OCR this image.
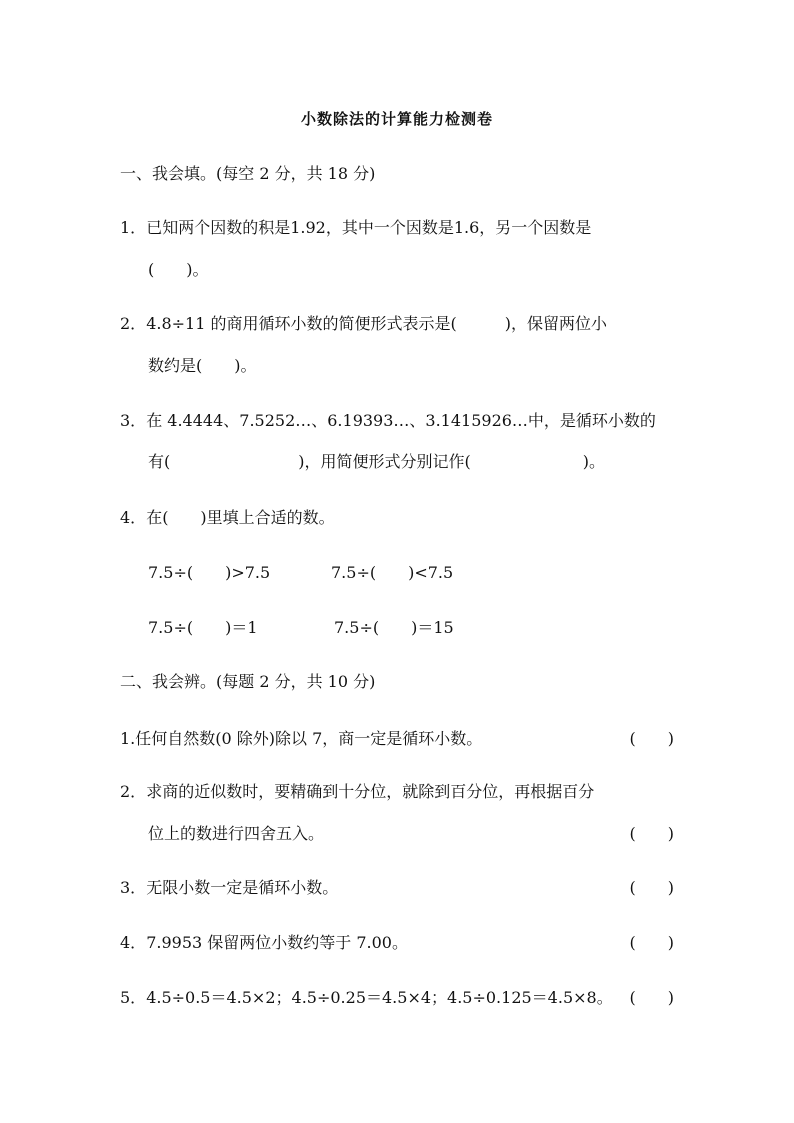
小数除法的计算能力检测卷
一、我会填。(每空 2 分，共 18 分)
1．已知两个因数的积是1.92，其中一个因数是1.6，另一个因数是
(　　)。
2．4.8÷11 的商用循环小数的简便形式表示是(　　　)，保留两位小
数约是(　　)。
3．在 4.4444、7.5252…、6.19393…、3.1415926…中，是循环小数的
有(　　　　　　　　)，用简便形式分别记作(　　　　　　　)。
4．在(　　)里填上合适的数。
7.5÷(　　)>7.5	7.5÷(　　)<7.5
7.5÷(　　)＝1	7.5÷(　　)＝15
二、我会辨。(每题 2 分，共 10 分)
1.任何自然数(0 除外)除以 7，商一定是循环小数。	(　　)
2．求商的近似数时，要精确到十分位，就除到百分位，再根据百分
位上的数进行四舍五入。	(　　)
3．无限小数一定是循环小数。	(　　)
4．7.9953 保留两位小数约等于 7.00。	(　　)
5．4.5÷0.5＝4.5×2；4.5÷0.25＝4.5×4；4.5÷0.125＝4.5×8。 (　　)
